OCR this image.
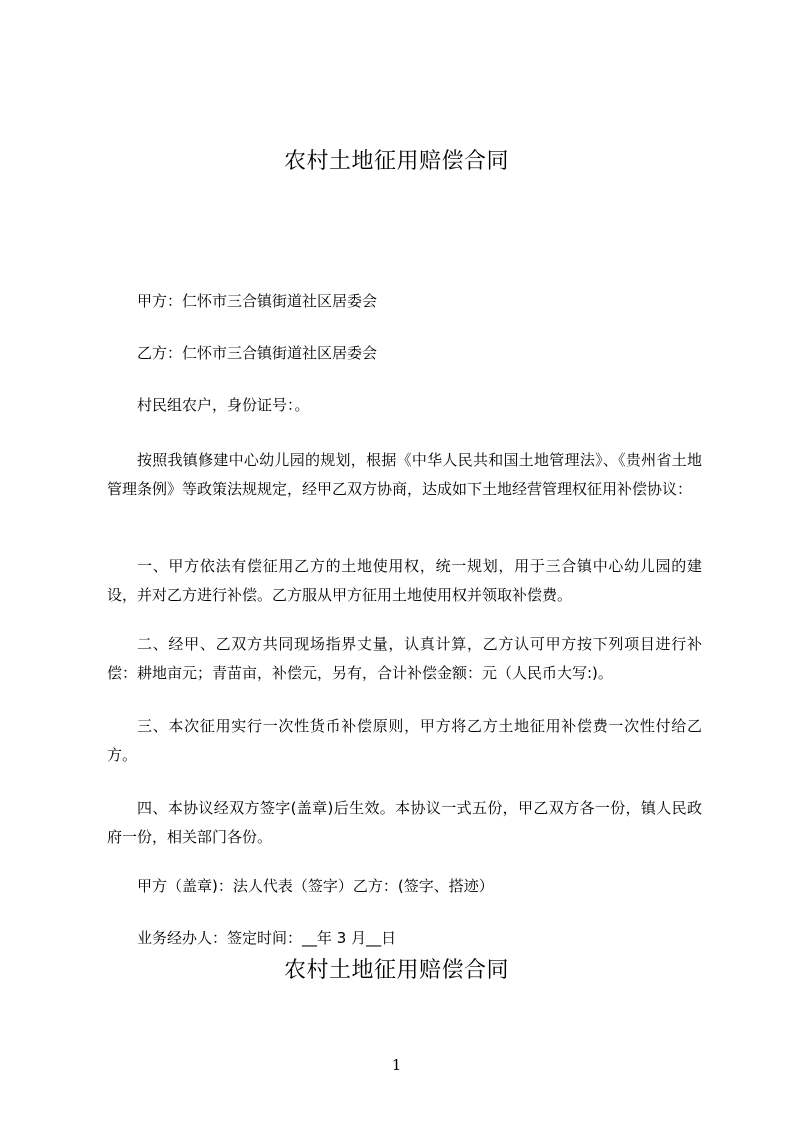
农村土地征用赔偿合同
甲方：仁怀市三合镇街道社区居委会
乙方：仁怀市三合镇街道社区居委会
村民组农户，身份证号：。
按照我镇修建中心幼儿园的规划，根据《中华人民共和国土地管理法》、《贵州省土地管理条例》等政策法规规定，经甲乙双方协商，达成如下土地经营管理权征用补偿协议：
一、甲方依法有偿征用乙方的土地使用权，统一规划，用于三合镇中心幼儿园的建设，并对乙方进行补偿。乙方服从甲方征用土地使用权并领取补偿费。
二、经甲、乙双方共同现场指界丈量，认真计算，乙方认可甲方按下列项目进行补偿：耕地亩元；青苗亩，补偿元，另有，合计补偿金额：元（人民币大写:)。
三、本次征用实行一次性货币补偿原则，甲方将乙方土地征用补偿费一次性付给乙方。
四、本协议经双方签字(盖章)后生效。本协议一式五份，甲乙双方各一份，镇人民政府一份，相关部门各份。
甲方（盖章)：法人代表（签字）乙方：(签字、搭迹）
业务经办人：签定时间：__年 3 月__日
农村土地征用赔偿合同
1
